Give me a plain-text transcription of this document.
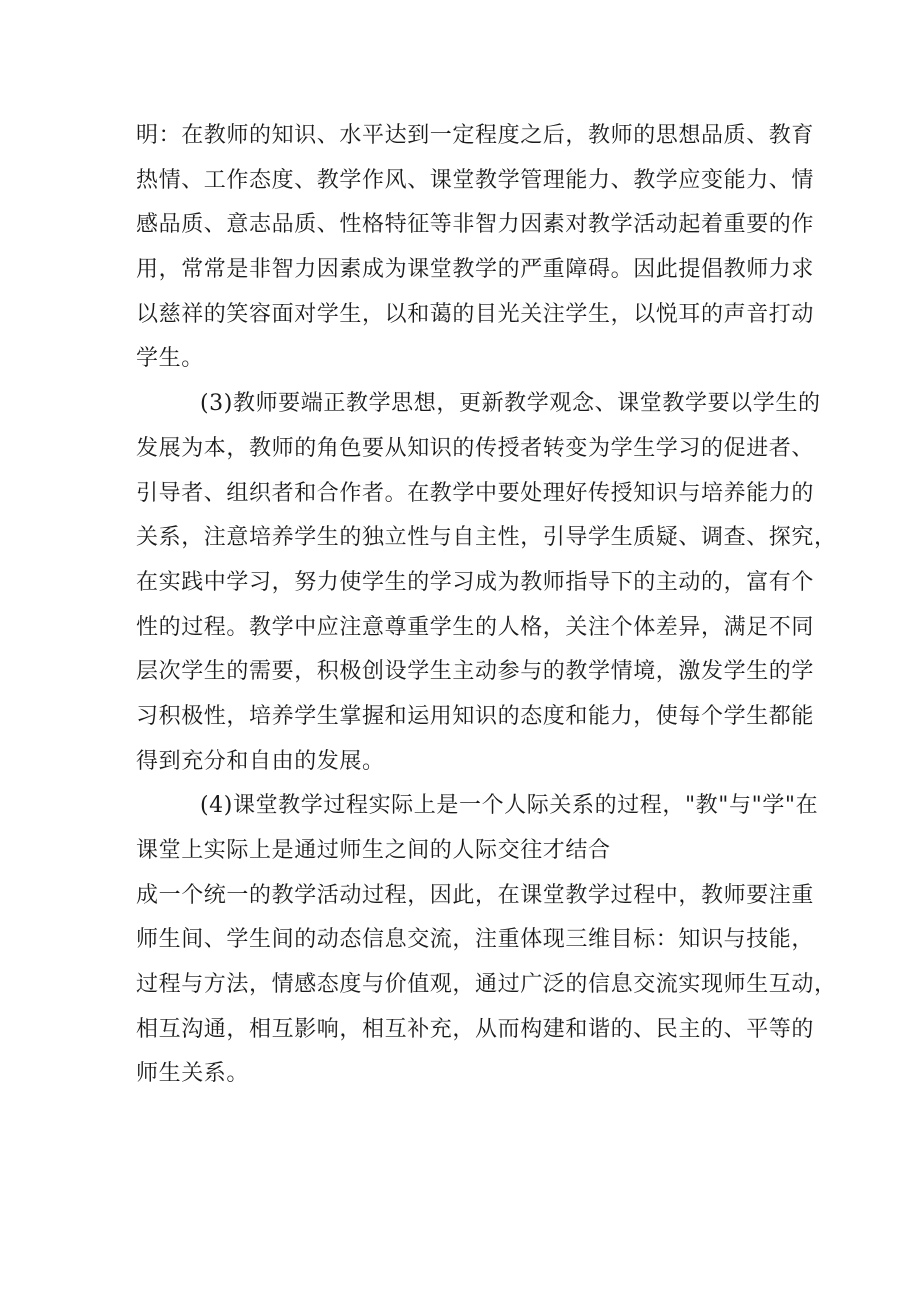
明：在教师的知识、水平达到一定程度之后，教师的思想品质、教育
热情、工作态度、教学作风、课堂教学管理能力、教学应变能力、情
感品质、意志品质、性格特征等非智力因素对教学活动起着重要的作
用，常常是非智力因素成为课堂教学的严重障碍。因此提倡教师力求
以慈祥的笑容面对学生，以和蔼的目光关注学生，以悦耳的声音打动
学生。
(3)教师要端正教学思想，更新教学观念、课堂教学要以学生的
发展为本，教师的角色要从知识的传授者转变为学生学习的促进者、
引导者、组织者和合作者。在教学中要处理好传授知识与培养能力的
关系，注意培养学生的独立性与自主性，引导学生质疑、调查、探究，
在实践中学习，努力使学生的学习成为教师指导下的主动的，富有个
性的过程。教学中应注意尊重学生的人格，关注个体差异，满足不同
层次学生的需要，积极创设学生主动参与的教学情境，激发学生的学
习积极性，培养学生掌握和运用知识的态度和能力，使每个学生都能
得到充分和自由的发展。
(4)课堂教学过程实际上是一个人际关系的过程，"教"与"学"在
课堂上实际上是通过师生之间的人际交往才结合
成一个统一的教学活动过程，因此，在课堂教学过程中，教师要注重
师生间、学生间的动态信息交流，注重体现三维目标：知识与技能，
过程与方法，情感态度与价值观，通过广泛的信息交流实现师生互动，
相互沟通，相互影响，相互补充，从而构建和谐的、民主的、平等的
师生关系。
